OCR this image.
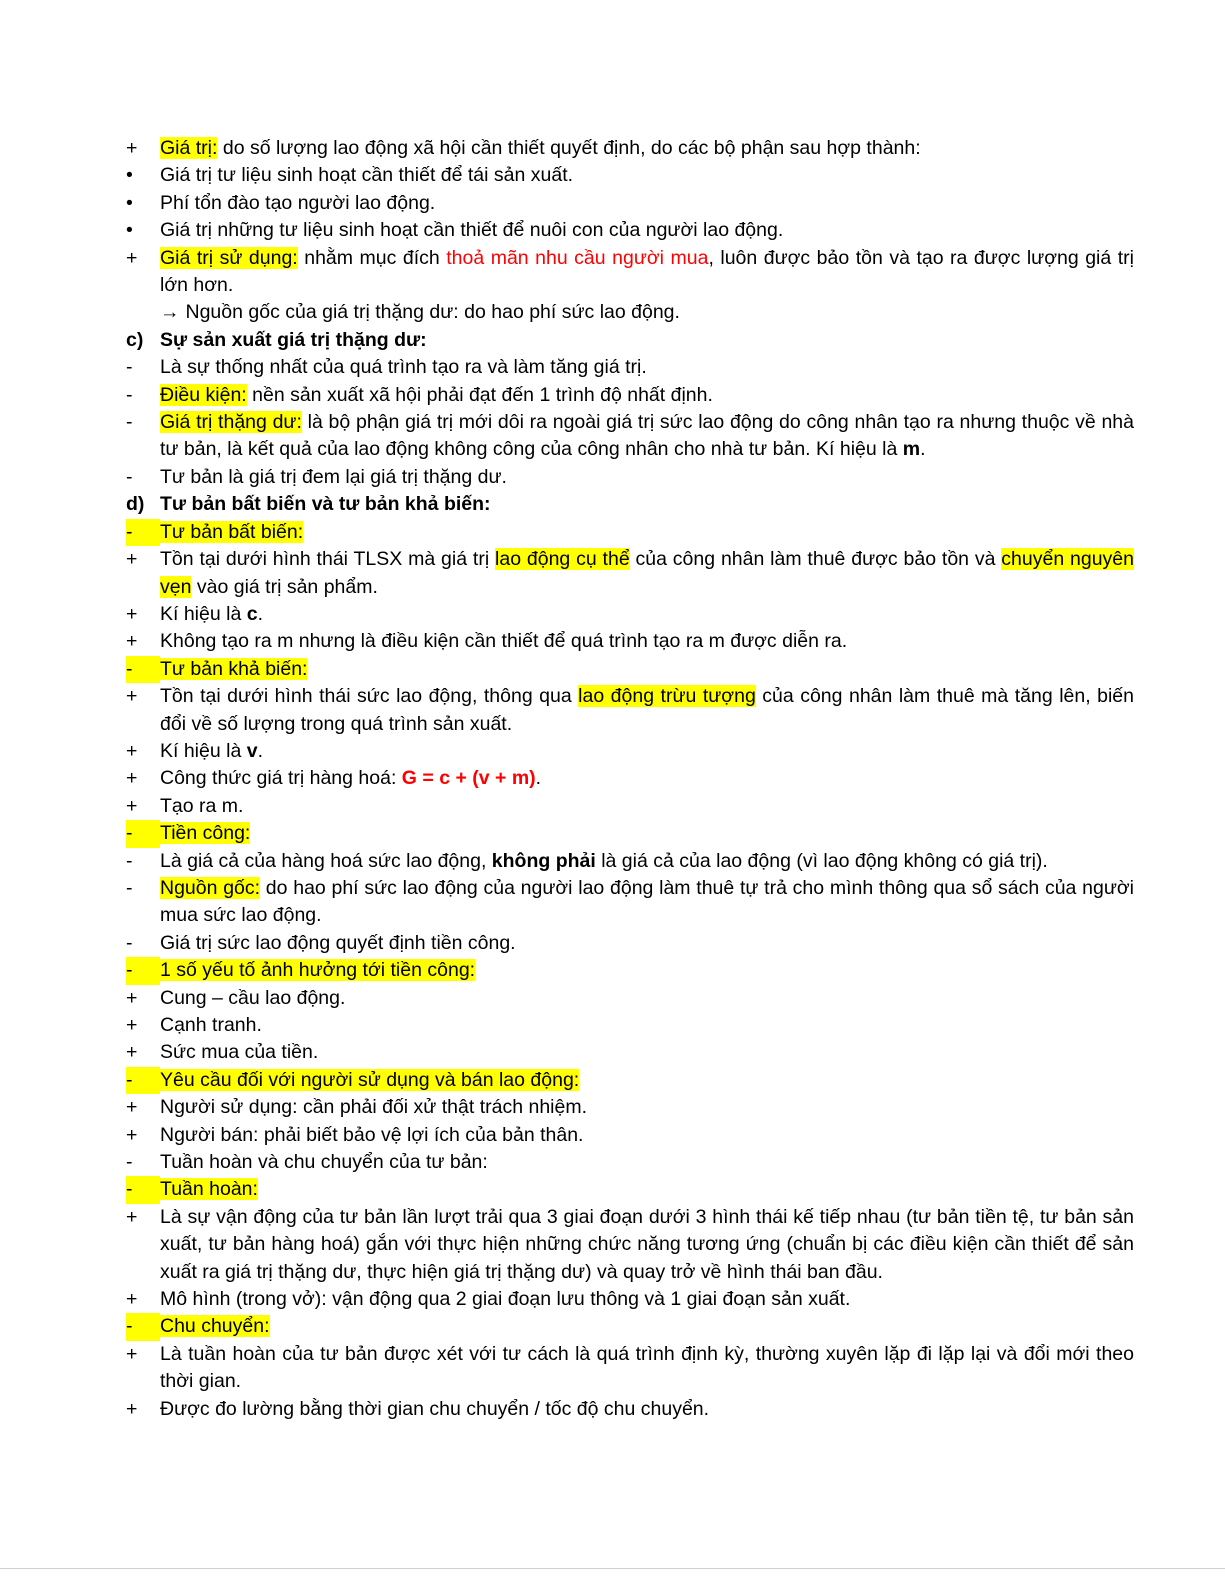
+	Giá trị: do số lượng lao động xã hội cần thiết quyết định, do các bộ phận sau hợp thành:
•	Giá trị tư liệu sinh hoạt cần thiết để tái sản xuất.
•	Phí tổn đào tạo người lao động.
•	Giá trị những tư liệu sinh hoạt cần thiết để nuôi con của người lao động.
+	Giá trị sử dụng: nhằm mục đích thoả mãn nhu cầu người mua, luôn được bảo tồn và tạo ra được lượng giá trị lớn hơn.
→ Nguồn gốc của giá trị thặng dư: do hao phí sức lao động.
c) Sự sản xuất giá trị thặng dư:
-	Là sự thống nhất của quá trình tạo ra và làm tăng giá trị.
-	Điều kiện: nền sản xuất xã hội phải đạt đến 1 trình độ nhất định.
-	Giá trị thặng dư: là bộ phận giá trị mới dôi ra ngoài giá trị sức lao động do công nhân tạo ra nhưng thuộc về nhà tư bản, là kết quả của lao động không công của công nhân cho nhà tư bản. Kí hiệu là m.
-	Tư bản là giá trị đem lại giá trị thặng dư.
d) Tư bản bất biến và tư bản khả biến:
-	Tư bản bất biến:
+	Tồn tại dưới hình thái TLSX mà giá trị lao động cụ thể của công nhân làm thuê được bảo tồn và chuyển nguyên vẹn vào giá trị sản phẩm.
+	Kí hiệu là c.
+	Không tạo ra m nhưng là điều kiện cần thiết để quá trình tạo ra m được diễn ra.
-	Tư bản khả biến:
+	Tồn tại dưới hình thái sức lao động, thông qua lao động trừu tượng của công nhân làm thuê mà tăng lên, biến đổi về số lượng trong quá trình sản xuất.
+	Kí hiệu là v.
+	Công thức giá trị hàng hoá: G = c + (v + m).
+	Tạo ra m.
-	Tiền công:
-	Là giá cả của hàng hoá sức lao động, không phải là giá cả của lao động (vì lao động không có giá trị).
-	Nguồn gốc: do hao phí sức lao động của người lao động làm thuê tự trả cho mình thông qua sổ sách của người mua sức lao động.
-	Giá trị sức lao động quyết định tiền công.
-	1 số yếu tố ảnh hưởng tới tiền công:
+	Cung – cầu lao động.
+	Cạnh tranh.
+	Sức mua của tiền.
-	Yêu cầu đối với người sử dụng và bán lao động:
+	Người sử dụng: cần phải đối xử thật trách nhiệm.
+	Người bán: phải biết bảo vệ lợi ích của bản thân.
-	Tuần hoàn và chu chuyển của tư bản:
-	Tuần hoàn:
+	Là sự vận động của tư bản lần lượt trải qua 3 giai đoạn dưới 3 hình thái kế tiếp nhau (tư bản tiền tệ, tư bản sản xuất, tư bản hàng hoá) gắn với thực hiện những chức năng tương ứng (chuẩn bị các điều kiện cần thiết để sản xuất ra giá trị thặng dư, thực hiện giá trị thặng dư) và quay trở về hình thái ban đầu.
+	Mô hình (trong vở): vận động qua 2 giai đoạn lưu thông và 1 giai đoạn sản xuất.
-	Chu chuyển:
+	Là tuần hoàn của tư bản được xét với tư cách là quá trình định kỳ, thường xuyên lặp đi lặp lại và đổi mới theo thời gian.
+	Được đo lường bằng thời gian chu chuyển / tốc độ chu chuyển.
